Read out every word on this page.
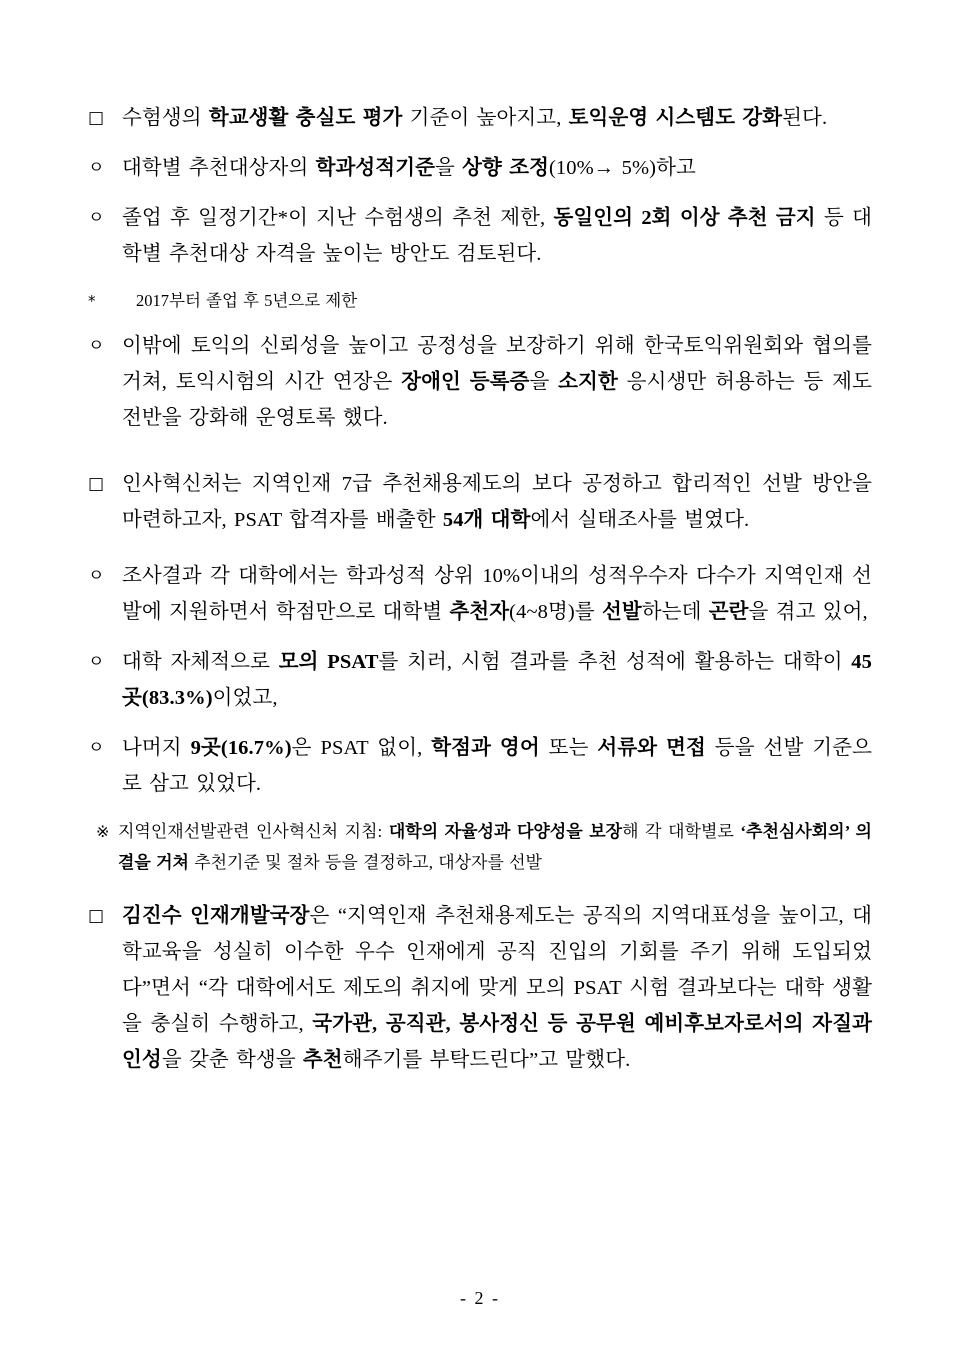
□ 수험생의 학교생활 충실도 평가 기준이 높아지고, 토익운영 시스템도 강화된다.
ㅇ 대학별 추천대상자의 학과성적기준을 상향 조정(10%→ 5%)하고
ㅇ 졸업 후 일정기간*이 지난 수험생의 추천 제한, 동일인의 2회 이상 추천 금지 등 대학별 추천대상 자격을 높이는 방안도 검토된다.
*	2017부터 졸업 후 5년으로 제한
ㅇ 이밖에 토익의 신뢰성을 높이고 공정성을 보장하기 위해 한국토익위원회와 협의를 거쳐, 토익시험의 시간 연장은 장애인 등록증을 소지한 응시생만 허용하는 등 제도 전반을 강화해 운영토록 했다.
□ 인사혁신처는 지역인재 7급 추천채용제도의 보다 공정하고 합리적인 선발 방안을 마련하고자, PSAT 합격자를 배출한 54개 대학에서 실태조사를 벌였다.
ㅇ 조사결과 각 대학에서는 학과성적 상위 10%이내의 성적우수자 다수가 지역인재 선발에 지원하면서 학점만으로 대학별 추천자(4~8명)를 선발하는데 곤란을 겪고 있어,
ㅇ 대학 자체적으로 모의 PSAT를 치러, 시험 결과를 추천 성적에 활용하는 대학이 45곳(83.3%)이었고,
ㅇ 나머지 9곳(16.7%)은 PSAT 없이, 학점과 영어 또는 서류와 면접 등을 선발 기준으로 삼고 있었다.
※ 지역인재선발관련 인사혁신처 지침: 대학의 자율성과 다양성을 보장해 각 대학별로 ‘추천심사회의’ 의결을 거쳐 추천기준 및 절차 등을 결정하고, 대상자를 선발
□ 김진수 인재개발국장은 “지역인재 추천채용제도는 공직의 지역대표성을 높이고, 대학교육을 성실히 이수한 우수 인재에게 공직 진입의 기회를 주기 위해 도입되었다”면서 “각 대학에서도 제도의 취지에 맞게 모의 PSAT 시험 결과보다는 대학 생활을 충실히 수행하고, 국가관, 공직관, 봉사정신 등 공무원 예비후보자로서의 자질과 인성을 갖춘 학생을 추천해주기를 부탁드린다”고 말했다.
- 2 -
